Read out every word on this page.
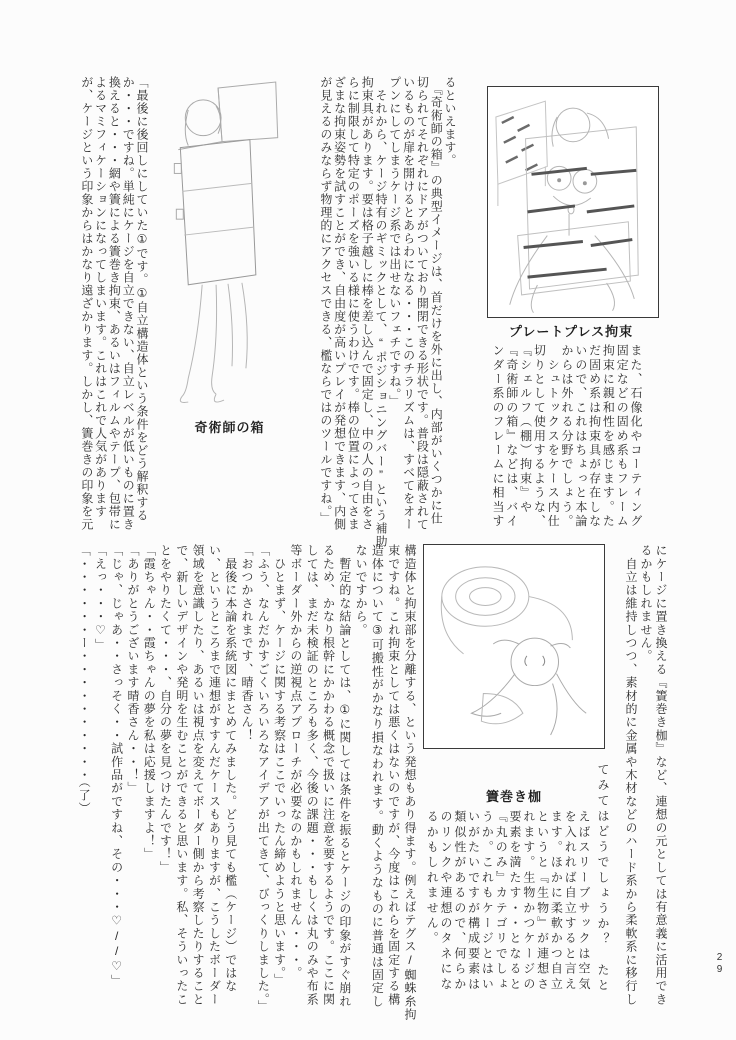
プレートプレス拘束

また、石像化やコーティング

固定などの固め系もフレーム

拘束に親和性を感じます。た

だ固め系は拘束具が存在しな

いので、これはちょっと本論

からは外れる分野でしょう。

　シュトックスをケース内仕

切りとして使用するような、

『シェルフ（棚）拘束』や

『奇術師の箱』などは、バイ

ンダー系のフレームに相当す

るといえます。

　『奇術師の箱』の典型イメージは、首だけを外に出し、内部がいくつかに仕

切られてそれぞれにドアがついており開閉できる形状です。普段は隠蔽されて

いるものが扉を開けるとあらわになる・・・このチラリズムは、すべてをオー

プンにしてしまうケージ系では出せないフェチですね。」

　それから、ケージ特有のギミックとして、“ポジショニングバー”という補助

拘束具があります。要は格子越しに棒を差し込んで固定し、中の人の自由をさ

らに制限して特定のポーズを強いる様に使うわけです。棒の位置によってさま

ざまな拘束姿勢を試すことができ、自由度が高いプレイが発想できます、内側

が見えるのみならず物理的にアクセスできる、檻ならではのツールですね。」

奇術師の箱

「最後に後回しにしていた①です。①自立構造体という条件をどう解釈する

か・・・ですね。単純にケージを自立できない、自立レベルが低いものに置き

換えると・・・網や簀による簀巻き拘束、あるいはフィルムやテープ、包帯に

よるマミフィケーションになってしまいます。これはこれで人気があります

が、ケージという印象からはかなり遠ざかります。しかし、簀巻きの印象を元

にケージに置き換える『簀巻き枷』など、連想の元としては有意義に活用でき

るかもしれません。

　自立は維持しつつ、素材的に金属や木材などのハード系から柔軟系に移行し

てみてはどうでしょうか？　たと

簀巻き枷

えばスリーブサックは空気

を入れれば自立すると言え

ます。ほかに柔軟かつ自立

というと『生物』が連想さ

れます。生物かつケージの

要素を満たす・・となると

『丸のみ』カテゴリでしょ

うか。これもケージとはい

いがたいですが構成要素は

類似性があるので、何らか

のリンクや連想のタネにな

るかもしれません。

構造体と拘束部を分離する、という発想もあり得ます。例えばテグス/蜘蛛糸拘

束ですね。これ拘束としては悪くはないのですが、今度はこれらを固定する構

造体について③可搬性がかなり損なわれます。動くようなものに普通は固定し

ないですから。

　暫定的な結論としては、①に関しては条件を振るとケージの印象がすぐ崩れ

るため、かなり根幹にかかわる概念で扱いに注意を要するようです。ここに関

しては、まだ未検証のところも多く、今後の課題・・・もしくは丸のみや布系

等ボーダー外からの逆視点アプローチが必要なのかもしれません・・・。

　ひとまず、ケージに関する考察はここでいったん締めようと思います。」

「ふう、なんだかすごくいろいろなアイデアが出てきて、びっくりしました。」

「おつかされまです、晴香さん！

　最後に本論を系統図にまとめてみました。どう見ても檻（ケージ）ではな

い、というところまで連想がすすんだケースもありますが、こうしたボーダー

領域を意識したり、あるいは視点を変えてボーダー側から考察したりすること

で、新しいデザインや発明を生むことができると思います。私、そういったこ

とをやりたくて・・・、自分の夢を見つけたんです！」

「霞ちゃん・・霞ちゃんの夢を私は応援しますよ！」

「ありがとうございます晴香さん・・！」

「じゃ、じゃあ・・さっそく・・試作品がですね、その・・・♡//♡」

「えっ・・・♡」

「・・・・・・ー・・・・・・・・・・（了）

29
